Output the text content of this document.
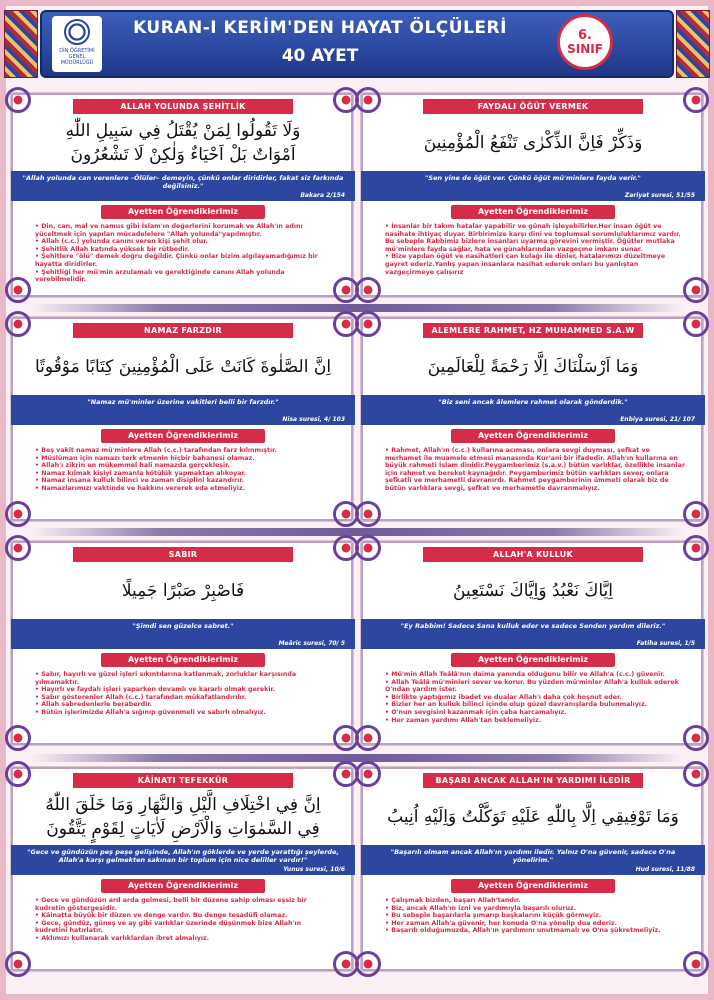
DİN ÖĞRETİMİ GENEL MÜDÜRLÜĞÜ
KURAN-I KERİM'DEN HAYAT ÖLÇÜLERİ
40 AYET
6.
SINIF
ALLAH YOLUNDA ŞEHİTLİK
وَلَا تَقُولُوا لِمَنْ يُقْتَلُ فِي سَبِيلِ اللّٰهِ
اَمْوَاتٌ بَلْ اَحْيَاءٌ وَلٰكِنْ لَا تَشْعُرُونَ
"Allah yolunda can verenlere –Ölüler– demeyin, çünkü onlar diridirler, fakat siz farkında değilsiniz."
Bakara 2/154
Ayetten Öğrendiklerimiz
• Din, can, mal ve namus gibi İslam'ın değerlerini korumak ve Allah'ın adını yüceltmek için yapılan mücadelelere "Allah yolunda"yapılmıştır.
• Allah (c.c.) yolunda canını veren kişi şehit olur.
• Şehitlik Allah katında yüksek bir rütbedir.
• Şehitlere "ölü" demek doğru değildir. Çünkü onlar bizim algılayamadığımız bir hayatta diridirler.
• Şehitliği her mü'min arzulamalı ve gerektiğinde canını Allah yolunda verebilmelidir.
FAYDALI ÖĞÜT VERMEK
وَذَكِّرْ فَاِنَّ الذِّكْرٰى تَنْفَعُ الْمُؤْمِنِينَ
"Sen yine de öğüt ver. Çünkü öğüt mü'minlere fayda verir."
Zariyat suresi, 51/55
Ayetten Öğrendiklerimiz
• İnsanlar bir takım hatalar yapabilir ve günah işleyebilirler.Her insan öğüt ve nasihate ihtiyaç duyar. Birbirimize karşı dini ve toplumsal sorumluluklarımız vardır. Bu sebeple Rabbimiz bizlere insanları uyarma görevini vermiştir. Öğütler mutlaka mü'minlere fayda sağlar, hata ve günahlarından vazgeçme imkanı sunar.
• Bize yapılan öğüt ve nasihatleri can kulağı ile dinler, hatalarımızı düzeltmeye gayret ederiz.Yanlış yapan insanlara nasihat ederek onları bu yanlıştan vazgeçirmeye çalışırız
NAMAZ FARZDIR
اِنَّ الصَّلٰوةَ كَانَتْ عَلَى الْمُؤْمِنِينَ كِتَابًا مَوْقُوتًا
"Namaz mü'minler üzerine vakitleri belli bir farzdır."
Nisa suresi, 4/ 103
Ayetten Öğrendiklerimiz
• Beş vakit namaz mü'minlere Allah (c.c.) tarafından farz kılınmıştır.
• Müslüman için namazı terk etmenin hiçbir bahanesi olamaz.
• Allah'ı zikrin en mükemmel hali namazda gerçekleşir.
• Namaz kılmak kişiyi zamanla kötülük yapmaktan alıkoyar.
• Namaz insana kulluk bilinci ve zaman disiplini kazandırır.
• Namazlarımızı vaktinde ve hakkını vererek eda etmeliyiz.
ALEMLERE RAHMET, HZ MUHAMMED S.A.W
وَمَا اَرْسَلْنَاكَ اِلَّا رَحْمَةً لِلْعَالَمِينَ
"Biz seni ancak âlemlere rahmet olarak gönderdik."
Enbiya suresi, 21/ 107
Ayetten Öğrendiklerimiz
• Rahmet, Allah'ın (c.c.) kullarına acıması, onlara sevgi duyması, şefkat ve merhamet ile muamele etmesi manasında Kur'ani bir ifadedir. Allah'ın kullarına en büyük rahmeti İslam dinidir.Peygamberimiz (s.a.v.) bütün varlıklar, özellikle insanlar için rahmet ve bereket kaynağıdır. Peygamberimiz bütün varlıkları sever, onlara şefkatli ve merhametli davranırdı. Rahmet peygamberinin ümmeti olarak biz de bütün varlıklara sevgi, şefkat ve merhametle davranmalıyız.
SABIR
فَاصْبِرْ صَبْرًا جَمِيلًا
"Şimdi sen güzelce sabret."
Meâric suresi, 70/ 5
Ayetten Öğrendiklerimiz
• Sabır, hayırlı ve güzel işleri sıkıntılarına katlanmak, zorluklar karşısında yılmamaktır.
• Hayırlı ve faydalı işleri yaparken devamlı ve kararlı olmak gerekir.
• Sabır gösterenler Allah (c.c.) tarafından mükafatlandırılır.
• Allah sabredenlerle beraberdir.
• Bütün işlerimizde Allah'a sığınıp güvenmeli ve sabırlı olmalıyız.
ALLAH'A KULLUK
اِيَّاكَ نَعْبُدُ وَاِيَّاكَ نَسْتَعِينُ
"Ey Rabbim! Sadece Sana kulluk eder ve sadece Senden yardım dileriz."
Fatiha suresi, 1/5
Ayetten Öğrendiklerimiz
• Mü'min Allah Teâlâ'nın daima yanında olduğunu bilir ve Allah'a (c.c.) güvenir.
• Allah Teâlâ mü'minleri sever ve korur. Bu yüzden mü'minler Allah'a kulluk ederek O'ndan yardım ister.
• Birlikte yaptığımız ibadet ve dualar Allah'ı daha çok hoşnut eder.
• Bizler her an kulluk bilinci içinde olup güzel davranışlarda bulunmalıyız.
• O'nun sevgisini kazanmak için çaba harcamalıyız.
• Her zaman yardımı Allah'tan beklemeliyiz.
KÂİNATI TEFEKKÜR
اِنَّ فِي اخْتِلَافِ الَّيْلِ وَالنَّهَارِ وَمَا خَلَقَ اللّٰهُ
فِي السَّمٰوَاتِ وَالْاَرْضِ لَاٰيَاتٍ لِقَوْمٍ يَتَّقُونَ
"Gece ve gündüzün peş peşe gelişinde, Allah'ın göklerde ve yerde yarattığı şeylerde, Allah'a karşı gelmekten sakınan bir toplum için nice deliller vardır!"
Yunus suresi, 10/6
Ayetten Öğrendiklerimiz
• Gece ve gündüzün ard arda gelmesi, belli bir düzene sahip olması eşsiz bir kudretin göstergesidir.
• Kâinatta büyük bir düzen ve denge vardır. Bu denge tesadüfi olamaz.
• Gece, gündüz, güneş ve ay gibi varlıklar üzerinde düşünmek bize Allah'ın kudretini hatırlatır.
• Aklımızı kullanarak varlıklardan ibret almalıyız.
BAŞARI ANCAK ALLAH'IN YARDIMI İLEDİR
وَمَا تَوْفِيقِي اِلَّا بِاللّٰهِ عَلَيْهِ تَوَكَّلْتُ وَاِلَيْهِ اُنِيبُ
"Başarılı olmam ancak Allah'ın yardımı iledir. Yalnız O'na güvenir, sadece O'na yönelirim."
Hud suresi, 11/88
Ayetten Öğrendiklerimiz
• Çalışmak bizden, başarı Allah'tandır.
• Biz, ancak Allah'ın izni ve yardımıyla başarılı oluruz.
• Bu sebeple başarılarla şımarıp başkalarını küçük görmeyiz.
• Her zaman Allah'a güvenir, her konuda O'na yönelip dua ederiz.
• Başarılı olduğumuzda, Allah'ın yardımını unutmamalı ve O'na şükretmeliyiz.
